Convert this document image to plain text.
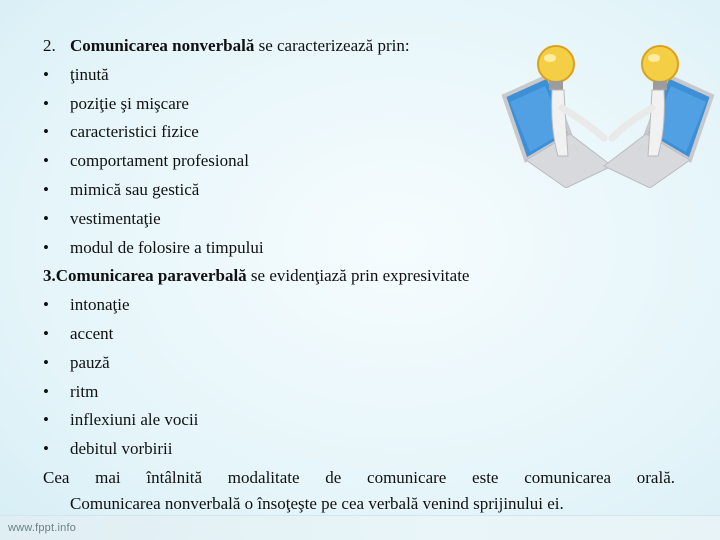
2. Comunicarea nonverbală se caracterizează prin:
• ţinută
• poziţie şi mişcare
• caracteristici fizice
• comportament profesional
• mimică sau gestică
• vestimentaţie
• modul de folosire a timpului
3.Comunicarea paraverbală se evidenţiază prin expresivitate
• intonaţie
• accent
• pauză
• ritm
• inflexiuni ale vocii
• debitul vorbirii
Cea mai întâlnită modalitate de comunicare este comunicarea orală.
Comunicarea nonverbală o însoţeşte pe cea verbală venind sprijinului ei.
www.fppt.info
